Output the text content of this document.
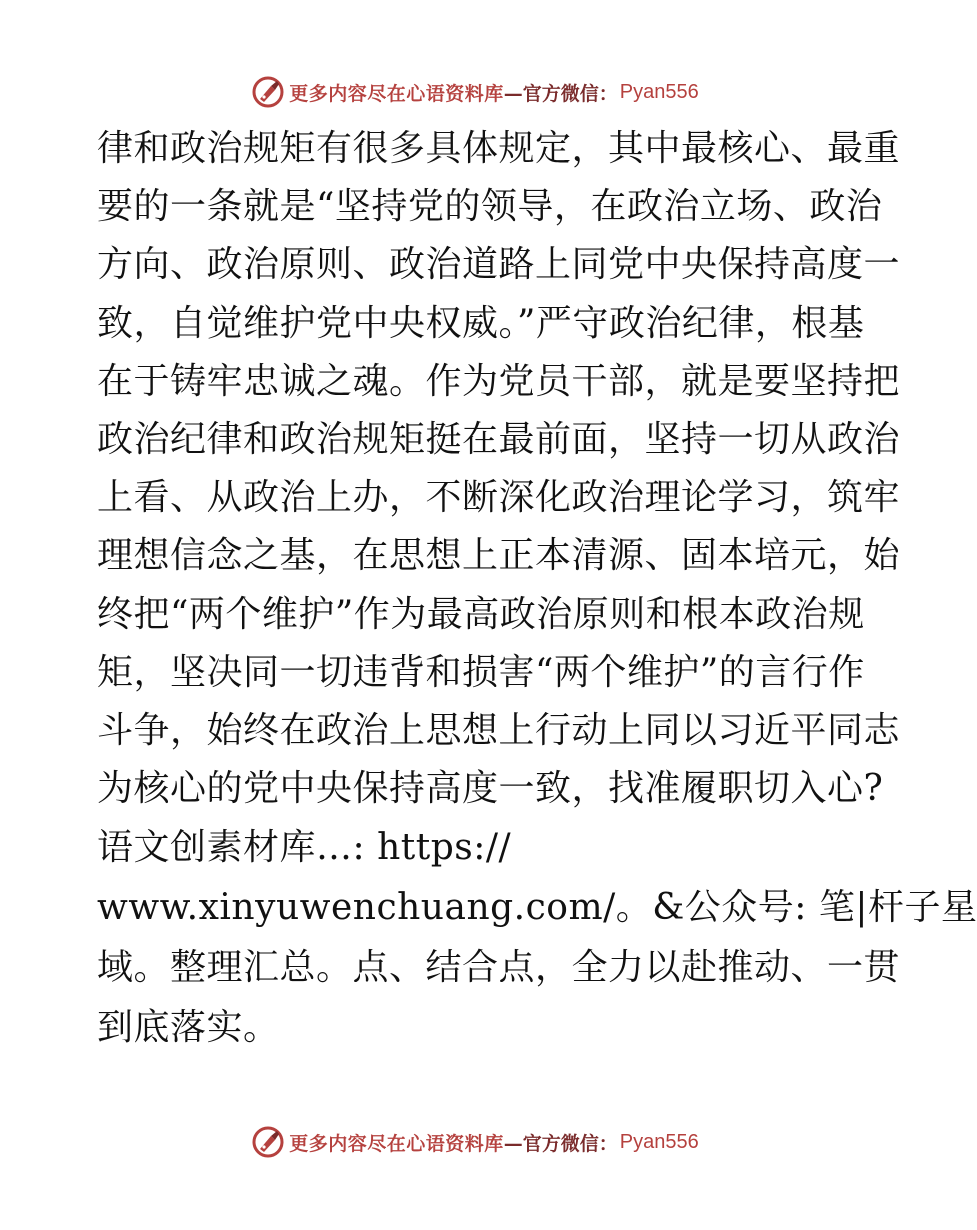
更多内容尽在心语资料库 —官方微信： Pyan556
律和政治规矩有很多具体规定，其中最核心、最重
要的一条就是“坚持党的领导，在政治立场、政治
方向、政治原则、政治道路上同党中央保持高度一
致，自觉维护党中央权威。”严守政治纪律，根基
在于铸牢忠诚之魂。作为党员干部，就是要坚持把
政治纪律和政治规矩挺在最前面，坚持一切从政治
上看、从政治上办，不断深化政治理论学习，筑牢
理想信念之基，在思想上正本清源、固本培元，始
终把“两个维护”作为最高政治原则和根本政治规
矩，坚决同一切违背和损害“两个维护”的言行作
斗争，始终在政治上思想上行动上同以习近平同志
为核心的党中央保持高度一致，找准履职切入心?
语文创素材库…: https://
www.xinyuwenchuang.com/。&公众号: 笔|杆子星
域。整理汇总。点、结合点，全力以赴推动、一贯
到底落实。
更多内容尽在心语资料库 —官方微信： Pyan556
